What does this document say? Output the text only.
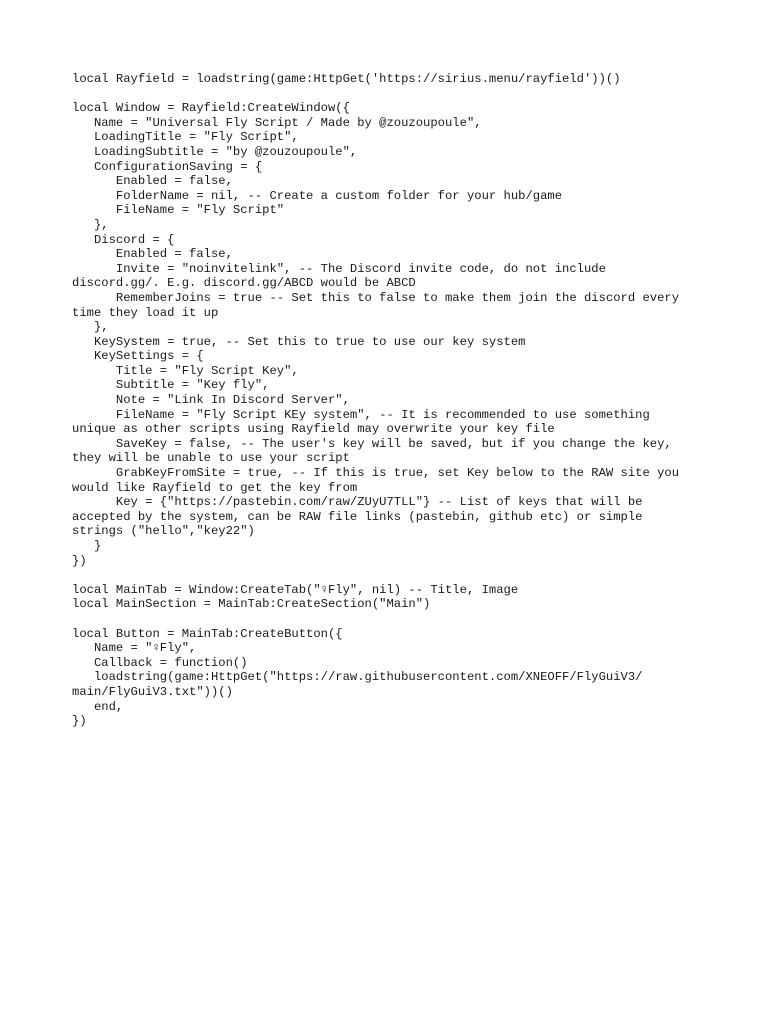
local Rayfield = loadstring(game:HttpGet('https://sirius.menu/rayfield'))()
local Window = Rayfield:CreateWindow({
Name = "Universal Fly Script / Made by @zouzoupoule",
LoadingTitle = "Fly Script",
LoadingSubtitle = "by @zouzoupoule",
ConfigurationSaving = {
Enabled = false,
FolderName = nil, -- Create a custom folder for your hub/game
FileName = "Fly Script"
},
Discord = {
Enabled = false,
Invite = "noinvitelink", -- The Discord invite code, do not include
discord.gg/. E.g. discord.gg/ABCD would be ABCD
RememberJoins = true -- Set this to false to make them join the discord every
time they load it up
},
KeySystem = true, -- Set this to true to use our key system
KeySettings = {
Title = "Fly Script Key",
Subtitle = "Key fly",
Note = "Link In Discord Server",
FileName = "Fly Script KEy system", -- It is recommended to use something
unique as other scripts using Rayfield may overwrite your key file
SaveKey = false, -- The user's key will be saved, but if you change the key,
they will be unable to use your script
GrabKeyFromSite = true, -- If this is true, set Key below to the RAW site you
would like Rayfield to get the key from
Key = {"https://pastebin.com/raw/ZUyU7TLL"} -- List of keys that will be
accepted by the system, can be RAW file links (pastebin, github etc) or simple
strings ("hello","key22")
}
})
local MainTab = Window:CreateTab("♀Fly", nil) -- Title, Image
local MainSection = MainTab:CreateSection("Main")
local Button = MainTab:CreateButton({
Name = "♀Fly",
Callback = function()
loadstring(game:HttpGet("https://raw.githubusercontent.com/XNEOFF/FlyGuiV3/
main/FlyGuiV3.txt"))()
end,
})
